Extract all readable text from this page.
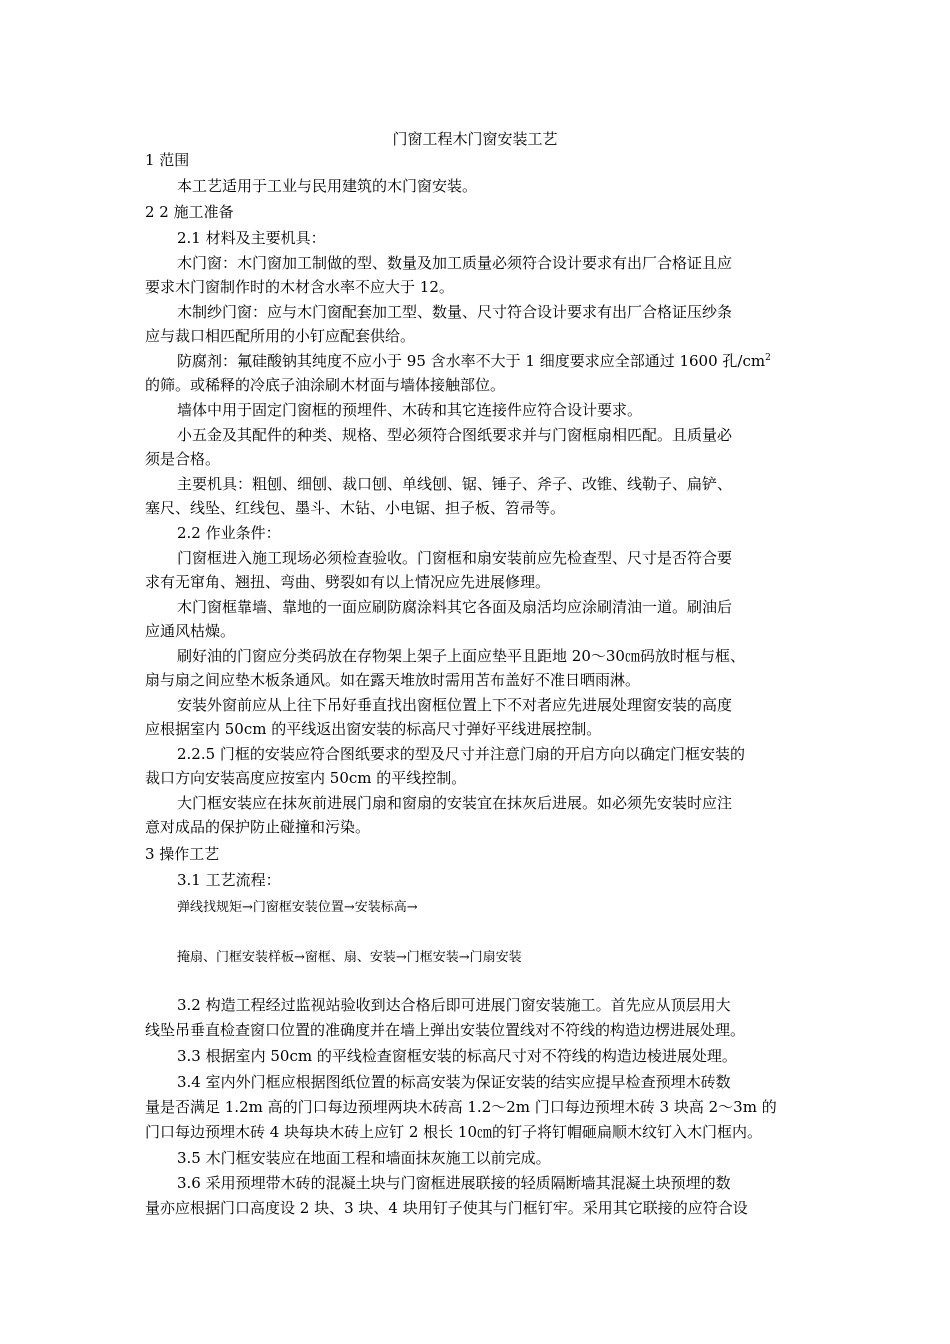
门窗工程木门窗安装工艺
1 范围
本工艺适用于工业与民用建筑的木门窗安装。
2 2 施工准备
2.1 材料及主要机具：
木门窗：木门窗加工制做的型、数量及加工质量必须符合设计要求有出厂合格证且应
要求木门窗制作时的木材含水率不应大于 12。
木制纱门窗：应与木门窗配套加工型、数量、尺寸符合设计要求有出厂合格证压纱条
应与裁口相匹配所用的小钉应配套供给。
防腐剂：氟硅酸钠其纯度不应小于 95 含水率不大于 1 细度要求应全部通过 1600 孔$/cm^2$
的筛。或稀释的冷底子油涂刷木材面与墙体接触部位。
墙体中用于固定门窗框的预埋件、木砖和其它连接件应符合设计要求。
小五金及其配件的种类、规格、型必须符合图纸要求并与门窗框扇相匹配。且质量必
须是合格。
主要机具：粗刨、细刨、裁口刨、单线刨、锯、锤子、斧子、改锥、线勒子、扁铲、
塞尺、线坠、红线包、墨斗、木钻、小电锯、担子板、笤帚等。
2.2 作业条件：
门窗框进入施工现场必须检查验收。门窗框和扇安装前应先检查型、尺寸是否符合要
求有无窜角、翘扭、弯曲、劈裂如有以上情况应先进展修理。
木门窗框靠墙、靠地的一面应刷防腐涂料其它各面及扇活均应涂刷清油一道。刷油后
应通风枯燥。
刷好油的门窗应分类码放在存物架上架子上面应垫平且距地 20～30㎝码放时框与框、
扇与扇之间应垫木板条通风。如在露天堆放时需用苫布盖好不准日晒雨淋。
安装外窗前应从上往下吊好垂直找出窗框位置上下不对者应先进展处理窗安装的高度
应根据室内 50cm 的平线返出窗安装的标高尺寸弹好平线进展控制。
2.2.5 门框的安装应符合图纸要求的型及尺寸并注意门扇的开启方向以确定门框安装的
裁口方向安装高度应按室内 50cm 的平线控制。
大门框安装应在抹灰前进展门扇和窗扇的安装宜在抹灰后进展。如必须先安装时应注
意对成品的保护防止碰撞和污染。
3 操作工艺
3.1 工艺流程：
弹线找规矩→门窗框安装位置→安装标高→
掩扇、门框安装样板→窗框、扇、安装→门框安装→门扇安装
3.2 构造工程经过监视站验收到达合格后即可进展门窗安装施工。首先应从顶层用大
线坠吊垂直检查窗口位置的准确度并在墙上弹出安装位置线对不符线的构造边楞进展处理。
3.3 根据室内 50cm 的平线检查窗框安装的标高尺寸对不符线的构造边棱进展处理。
3.4 室内外门框应根据图纸位置的标高安装为保证安装的结实应提早检查预埋木砖数
量是否满足 1.2m 高的门口每边预埋两块木砖高 1.2～2m 门口每边预埋木砖 3 块高 2～3m 的
门口每边预埋木砖 4 块每块木砖上应钉 2 根长 10㎝的钉子将钉帽砸扁顺木纹钉入木门框内。
3.5 木门框安装应在地面工程和墙面抹灰施工以前完成。
3.6 采用预埋带木砖的混凝土块与门窗框进展联接的轻质隔断墙其混凝土块预埋的数
量亦应根据门口高度设 2 块、3 块、4 块用钉子使其与门框钉牢。采用其它联接的应符合设
